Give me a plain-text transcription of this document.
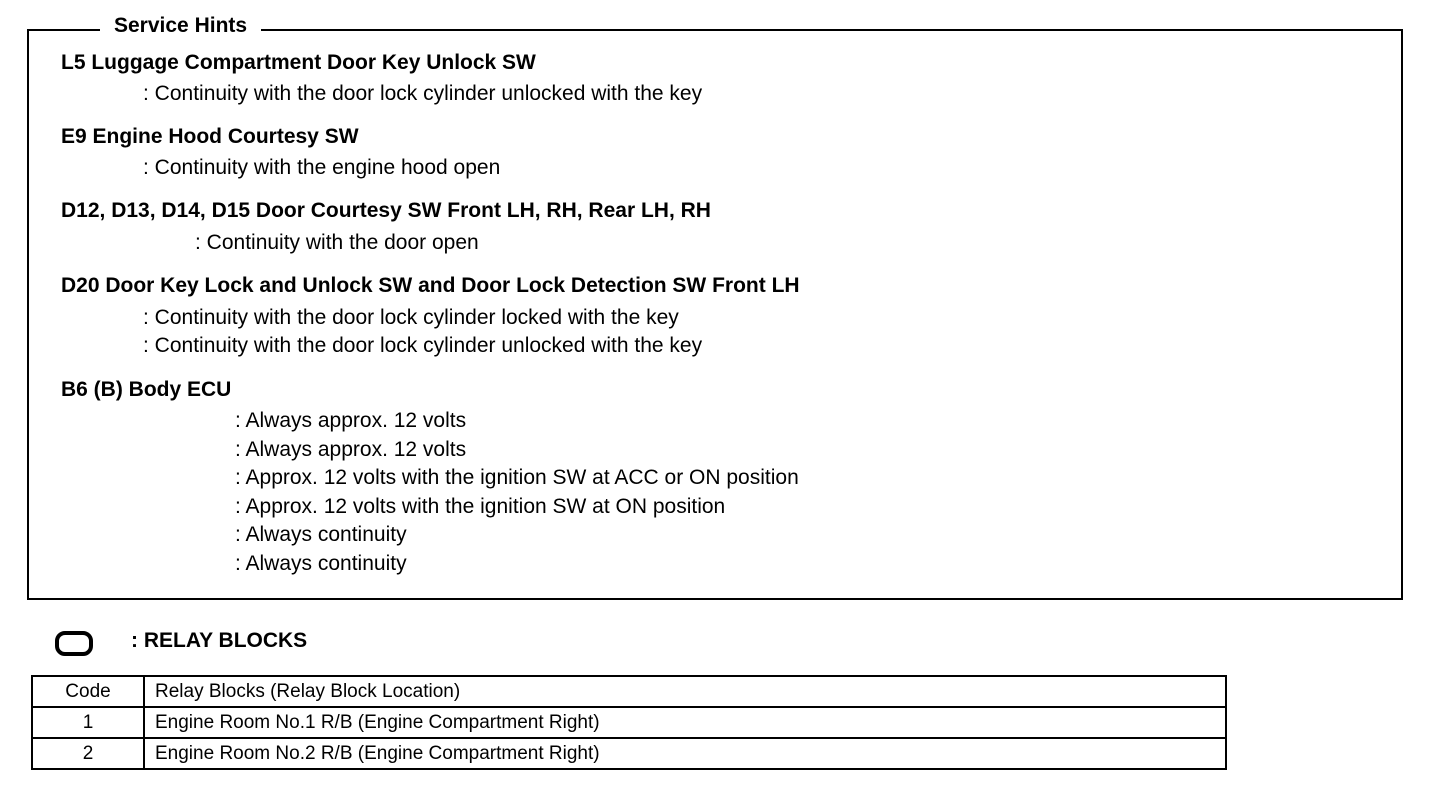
Service Hints
L5 Luggage Compartment Door Key Unlock SW
: Continuity with the door lock cylinder unlocked with the key
E9 Engine Hood Courtesy SW
: Continuity with the engine hood open
D12, D13, D14, D15 Door Courtesy SW Front LH, RH, Rear LH, RH
: Continuity with the door open
D20 Door Key Lock and Unlock SW and Door Lock Detection SW Front LH
: Continuity with the door lock cylinder locked with the key
: Continuity with the door lock cylinder unlocked with the key
B6 (B) Body ECU
: Always approx. 12 volts
: Always approx. 12 volts
: Approx. 12 volts with the ignition SW at ACC or ON position
: Approx. 12 volts with the ignition SW at ON position
: Always continuity
: Always continuity
: RELAY BLOCKS
Code	Relay Blocks (Relay Block Location)
1	Engine Room No.1 R/B (Engine Compartment Right)
2	Engine Room No.2 R/B (Engine Compartment Right)
